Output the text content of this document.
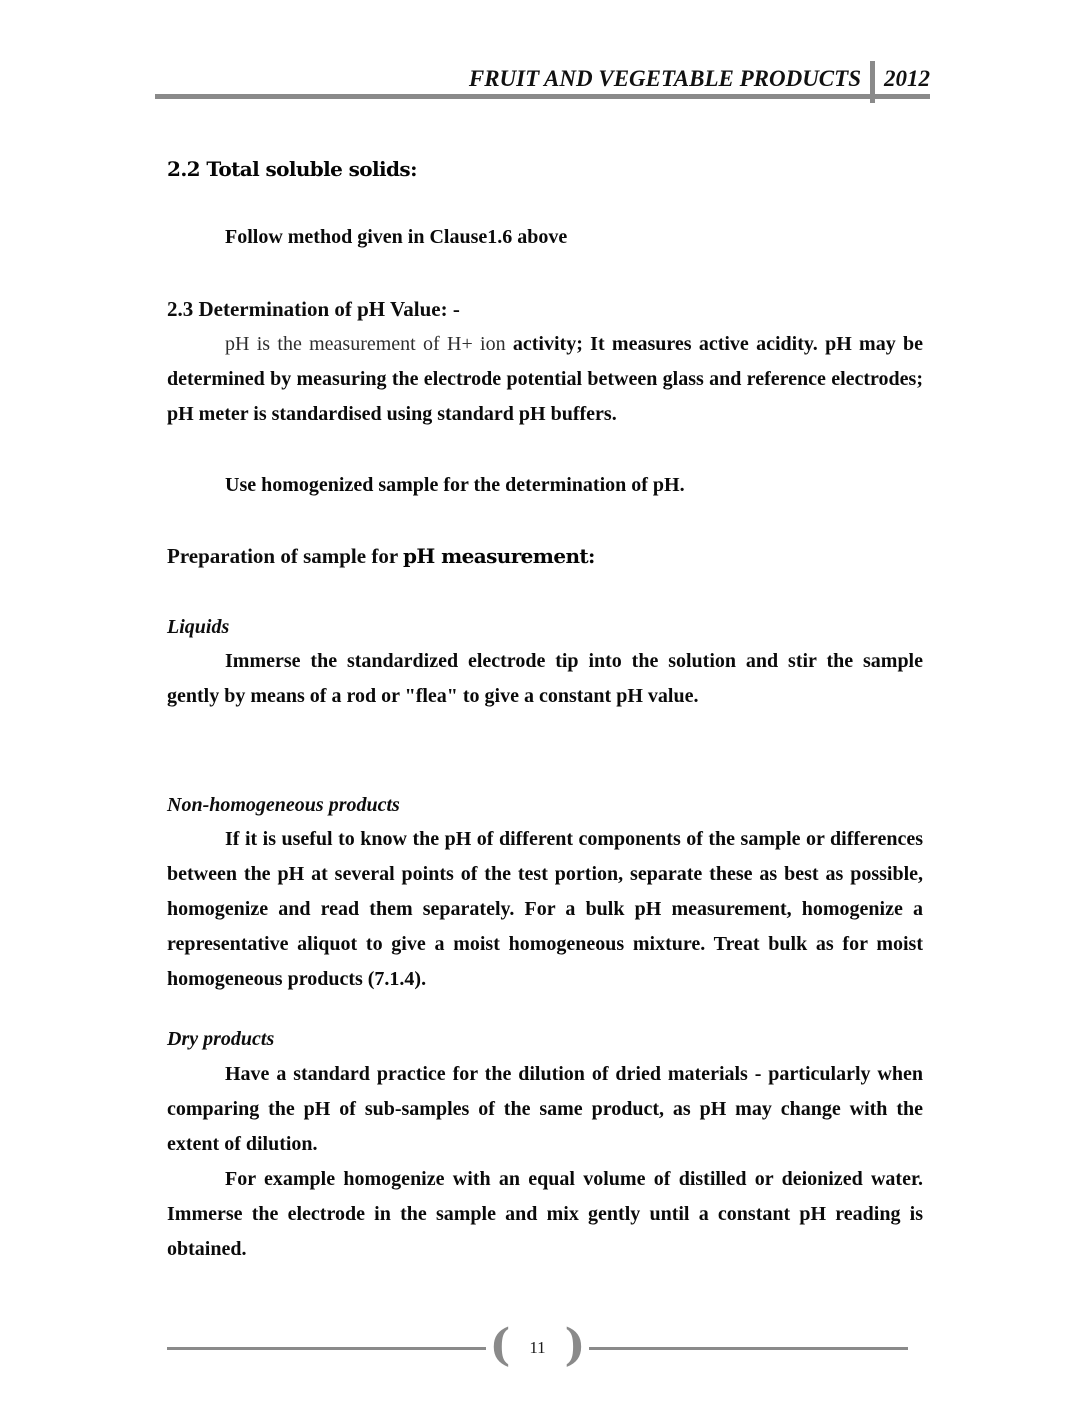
FRUIT AND VEGETABLE PRODUCTS 2012
2.2 Total soluble solids:
Follow method given in Clause1.6 above
2.3 Determination of pH Value: -
pH is the measurement of H+ ion activity; It measures active acidity. pH may be determined by measuring the electrode potential between glass and reference electrodes; pH meter is standardised using standard pH buffers.
Use homogenized sample for the determination of pH.
Preparation of sample for pH measurement:
Liquids
Immerse the standardized electrode tip into the solution and stir the sample gently by means of a rod or "flea" to give a constant pH value.
Non-homogeneous products
If it is useful to know the pH of different components of the sample or differences between the pH at several points of the test portion, separate these as best as possible, homogenize and read them separately. For a bulk pH measurement, homogenize a representative aliquot to give a moist homogeneous mixture. Treat bulk as for moist homogeneous products (7.1.4).
Dry products
Have a standard practice for the dilution of dried materials - particularly when comparing the pH of sub-samples of the same product, as pH may change with the extent of dilution.
For example homogenize with an equal volume of distilled or deionized water. Immerse the electrode in the sample and mix gently until a constant pH reading is obtained.
( 11 )
